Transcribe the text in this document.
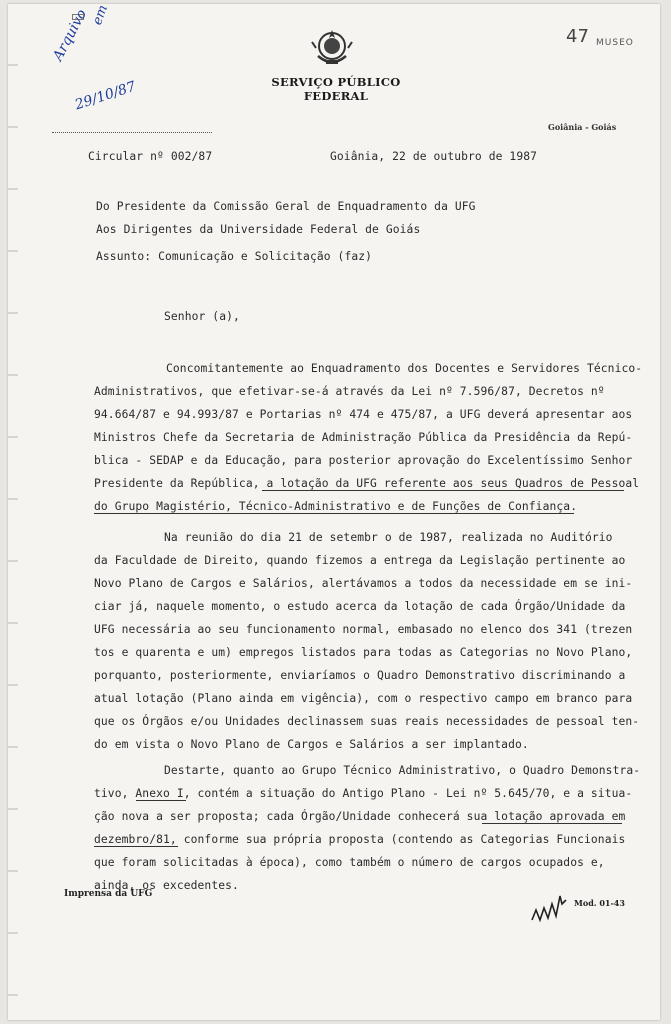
SERVIÇO PÚBLICO FEDERAL
Arquivo em
29/10/87
47 MUSEO
Goiânia - Goiás
Circular nº 002/87	Goiânia, 22 de outubro de 1987
Do Presidente da Comissão Geral de Enquadramento da UFG
Aos Dirigentes da Universidade Federal de Goiás
Assunto: Comunicação e Solicitação (faz)
Senhor (a),
Concomitantemente ao Enquadramento dos Docentes e Servidores Técnico-
Administrativos, que efetivar-se-á através da Lei nº 7.596/87, Decretos nº
94.664/87 e 94.993/87 e Portarias nº 474 e 475/87, a UFG deverá apresentar aos
Ministros Chefe da Secretaria de Administração Pública da Presidência da Repú-
blica - SEDAP e da Educação, para posterior aprovação do Excelentíssimo Senhor
Presidente da República, a lotação da UFG referente aos seus Quadros de Pessoal
do Grupo Magistério, Técnico-Administrativo e de Funções de Confiança.
Na reunião do dia 21 de setembr o de 1987, realizada no Auditório
da Faculdade de Direito, quando fizemos a entrega da Legislação pertinente ao
Novo Plano de Cargos e Salários, alertávamos a todos da necessidade em se ini-
ciar já, naquele momento, o estudo acerca da lotação de cada Órgão/Unidade da
UFG necessária ao seu funcionamento normal, embasado no elenco dos 341 (trezen
tos e quarenta e um) empregos listados para todas as Categorias no Novo Plano,
porquanto, posteriormente, enviaríamos o Quadro Demonstrativo discriminando a
atual lotação (Plano ainda em vigência), com o respectivo campo em branco para
que os Órgãos e/ou Unidades declinassem suas reais necessidades de pessoal ten-
do em vista o Novo Plano de Cargos e Salários a ser implantado.
Destarte, quanto ao Grupo Técnico Administrativo, o Quadro Demonstra-
tivo, Anexo I, contém a situação do Antigo Plano - Lei nº 5.645/70, e a situa-
ção nova a ser proposta; cada Órgão/Unidade conhecerá sua lotação aprovada em
dezembro/81, conforme sua própria proposta (contendo as Categorias Funcionais
que foram solicitadas à época), como também o número de cargos ocupados e,
ainda, os excedentes.
Imprensa da UFG
Mod. 01-43
